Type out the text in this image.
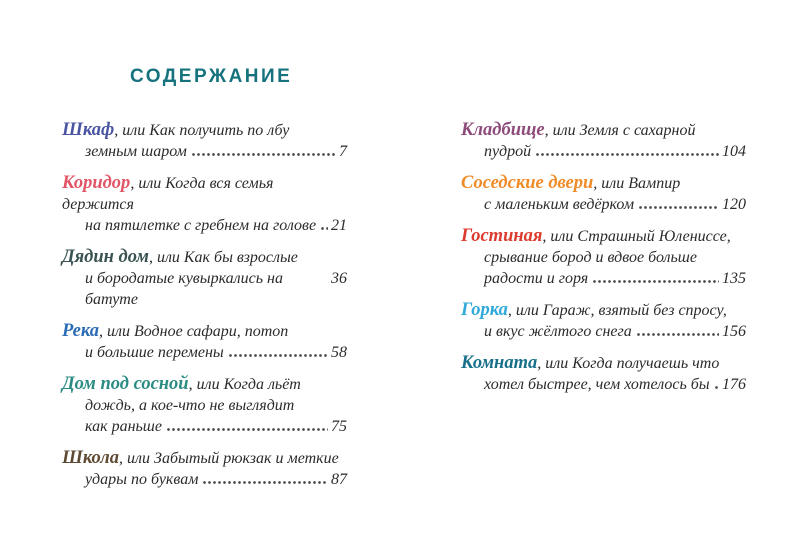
СОДЕРЖАНИЕ
Шкаф, или Как получить по лбу
земным шаром	7
Коридор, или Когда вся семья держится
на пятилетке с гребнем на голове 21
Дядин дом, или Как бы взрослые
и бородатые кувыркались на батуте
36
Река, или Водное сафари, потоп
и большие перемены	58
Дом под сосной, или Когда льёт
дождь, а кое-что не выглядит
как раньше	75
Школа, или Забытый рюкзак и меткие
удары по буквам	87
Кладбище, или Земля с сахарной
пудрой	104
Соседские двери, или Вампир
с маленьким ведёрком	120
Гостиная, или Страшный Юлениссе,
срывание бород и вдвое больше
радости и горя	135
Горка, или Гараж, взятый без спросу,
и вкус жёлтого снега	156
Комната, или Когда получаешь что
хотел быстрее, чем хотелось бы 176
